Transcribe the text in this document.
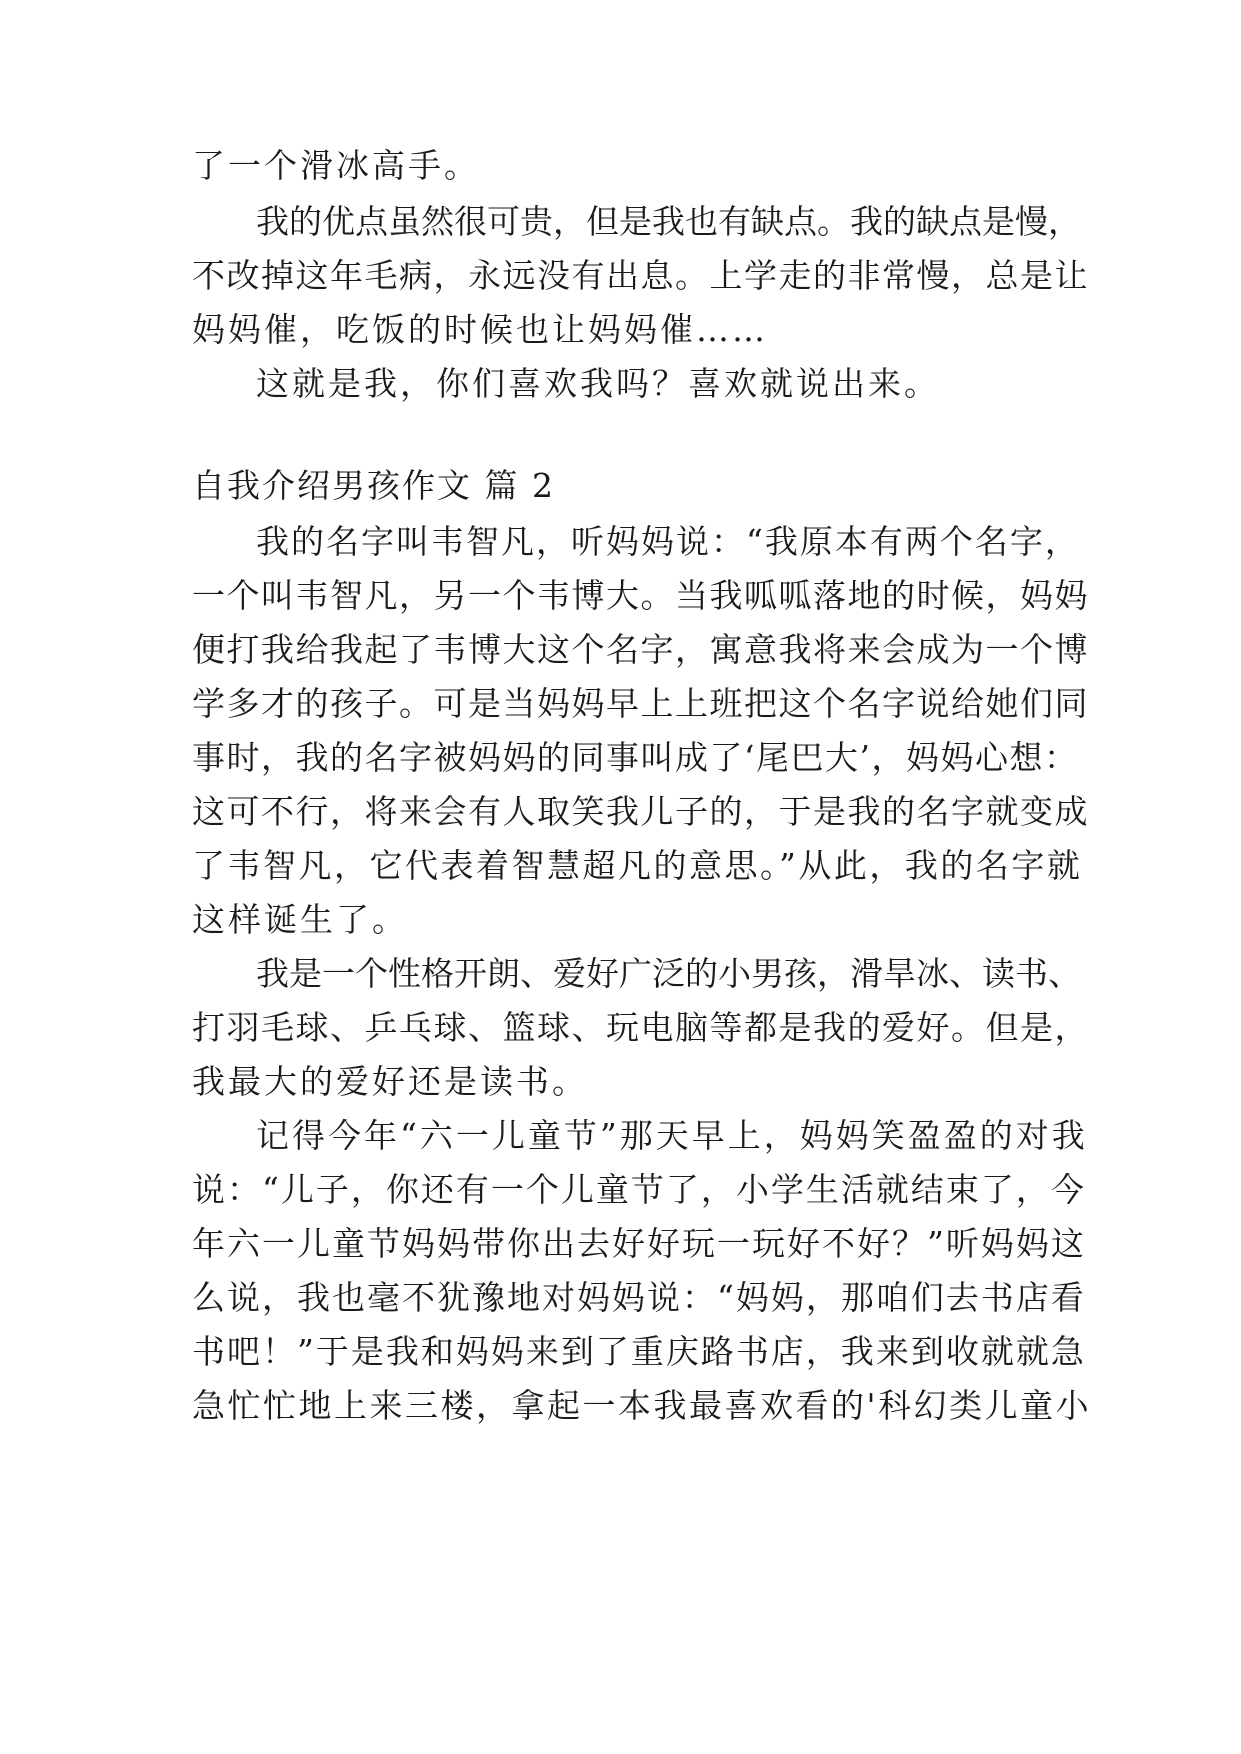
了一个滑冰高手。
我的优点虽然很可贵，但是我也有缺点。我的缺点是慢，
不改掉这年毛病，永远没有出息。上学走的非常慢，总是让
妈妈催，吃饭的时候也让妈妈催……
这就是我，你们喜欢我吗？喜欢就说出来。
自我介绍男孩作文 篇 2
我的名字叫韦智凡，听妈妈说：“我原本有两个名字，
一个叫韦智凡，另一个韦博大。当我呱呱落地的时候，妈妈
便打我给我起了韦博大这个名字，寓意我将来会成为一个博
学多才的孩子。可是当妈妈早上上班把这个名字说给她们同
事时，我的名字被妈妈的同事叫成了‘尾巴大’，妈妈心想：
这可不行，将来会有人取笑我儿子的，于是我的名字就变成
了韦智凡，它代表着智慧超凡的意思。”从此，我的名字就
这样诞生了。
我是一个性格开朗、爱好广泛的小男孩，滑旱冰、读书、
打羽毛球、乒乓球、篮球、玩电脑等都是我的爱好。但是，
我最大的爱好还是读书。
记得今年“六一儿童节”那天早上，妈妈笑盈盈的对我
说：“儿子，你还有一个儿童节了，小学生活就结束了，今
年六一儿童节妈妈带你出去好好玩一玩好不好？”听妈妈这
么说，我也毫不犹豫地对妈妈说：“妈妈，那咱们去书店看
书吧！”于是我和妈妈来到了重庆路书店，我来到收就就急
急忙忙地上来三楼，拿起一本我最喜欢看的'科幻类儿童小
